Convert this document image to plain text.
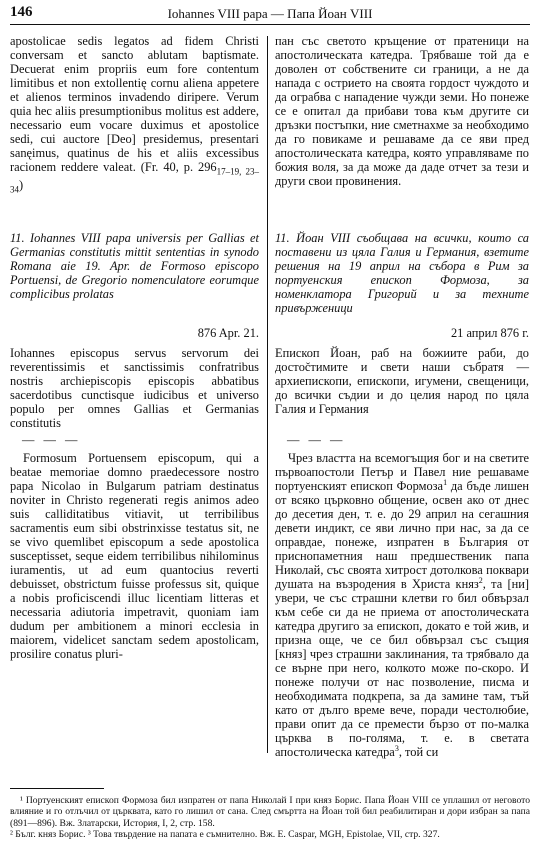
146	Iohannes VIII papa — Папа Йоан VIII
apostolicae sedis legatos ad fidem Christi conversam et sancto ablutam baptismate. Decuerat enim propriis eum fore contentum limitibus et non extollentię cornu aliena appetere et alienos terminos invadendo diripere. Verum quia hec aliis presumptionibus molitus est addere, necessario eum vocare duximus et apostolice sedi, cui auctore [Deo] presidemus, presentari sanęimus, quatinus de his et aliis excessibus racionem reddere valeat. (Fr. 40, p. $296_{17-19, 23-34}$)
пан със светото кръщение от пратеници на апостолическата катедра. Трябваше той да е доволен от собствените си граници, а не да напада с острието на своята гордост чуждото и да ограбва с нападение чужди земи. Но понеже се е опитал да прибави това към другите си дръзки постъпки, ние сметнахме за необходимо да го повикаме и решаваме да се яви пред апостолическата катедра, която управляваме по божия воля, за да може да даде отчет за тези и други свои провинения.
11. Iohannes VIII papa universis per Gallias et Germanias constitutis mittit sententias in synodo Romana aie 19. Apr. de Formoso episcopo Portuensi, de Gregorio nomenculatore eorumque complicibus prolatas
11. Йоан VIII съобщава на всички, които са поставени из цяла Галия и Германия, взетите решения на 19 април на събора в Рим за портуенския епископ Формоза, за номенклатора Григорий и за техните привърженици
876 Apr. 21.	21 април 876 г.
Iohannes episcopus servus servorum dei reverentissimis et sanctissimis confratribus nostris archiepiscopis episcopis abbatibus sacerdotibus cunctisque iudicibus et universo populo per omnes Gallias et Germanias constitutis
Епископ Йоан, раб на божиите раби, до достočтимите и свети наши събратя — архиепископи, епископи, игумени, свещеници, до всички съдии и до целия народ по цяла Галия и Германия
— — —	— — —
Formosum Portuensem episcopum, qui a beatae memoriae domno praedecessore nostro papa Nicolao in Bulgarum patriam destinatus noviter in Christo regenerati regis animos adeo suis calliditatibus vitiavit, ut terribilibus sacramentis eum sibi obstrinxisse testatus sit, ne se vivo quemlibet episcopum a sede apostolica susceptisset, seque eidem terribilibus nihilominus iuramentis, ut ad eum quantocius reverti debuisset, obstrictum fuisse professus sit, quique a nobis proficiscendi illuc licentiam litteras et necessaria adiutoria impetravit, quoniam iam dudum per ambitionem a minori ecclesia in maiorem, videlicet sanctam sedem apostolicam, prosilire conatus pluri-
Чрез властта на всемогъщия бог и на светите първоапостоли Петър и Павел ние решаваме портуенският епископ Формоза$^1$ да бъде лишен от всяко църковно общение, освен ако от днес до десетия ден, т. е. до 29 април на сегашния девети индикт, се яви лично при нас, за да се оправдае, понеже, изпратен в България от приснопаметния наш предшественик папа Николай, със своята хитрост дотолкова поквари душата на възродения в Христа княз$^2$, та [ни] увери, че със страшни клетви го бил обвързал към себе си да не приема от апостолическата катедра другиго за епископ, докато е той жив, и призна още, че се бил обвързал със същия [княз] чрез страшни заклинания, та трябвало да се върне при него, колкото може по-скоро. И понеже получи от нас позволение, писма и необходимата подкрепа, за да замине там, тъй като от дълго време вече, поради честолюбие, прави опит да се премести бързо от по-малка църква в по-голяма, т. е. в светата апостолическа катедра$^3$, той си

¹ Портуенският епископ Формоза бил изпратен от папа Николай I при княз Борис. Папа Йоан VIII се уплашил от неговото влияние и го отлъчил от църквата, като го лишил от сана. След смъртта на Йоан той бил реабилитиран и дори избран за папа (891—896). Вж. Златарски, История, I, 2, стр. 158.

² Бълг. княз Борис. ³ Това твърдение на папата е съмнително. Вж. E. Caspar, MGH, Epistolae, VII, стр. 327.
